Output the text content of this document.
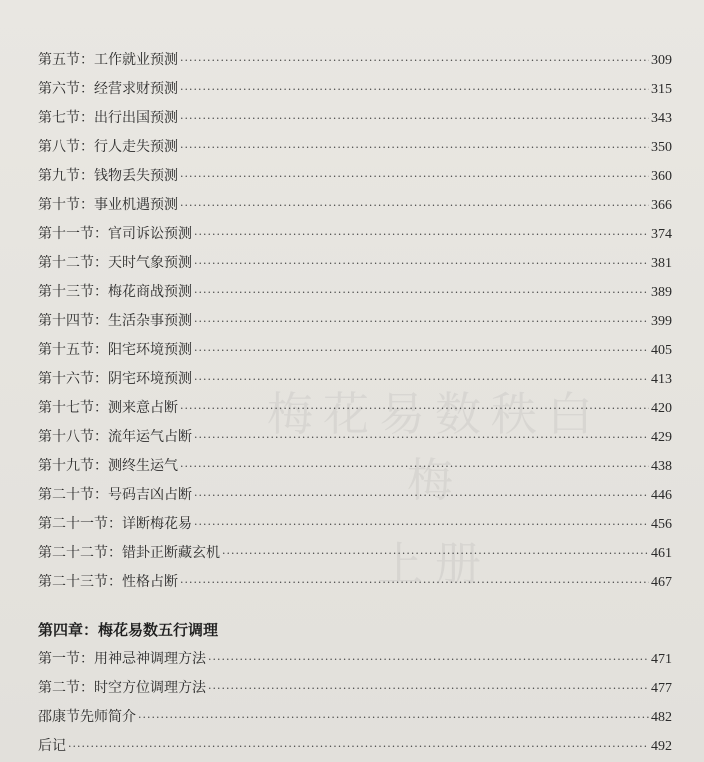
梅花易数秩白梅
上册
第五节：工作就业预测 ·····	309
第六节：经营求财预测 ·····	315
第七节：出行出国预测 ·····	343
第八节：行人走失预测 ·····	350
第九节：钱物丢失预测 ·····	360
第十节：事业机遇预测 ·····	366
第十一节：官司诉讼预测 ·····	374
第十二节：天时气象预测 ·····	381
第十三节：梅花商战预测 ·····	389
第十四节：生活杂事预测 ·····	399
第十五节：阳宅环境预测 ·····	405
第十六节：阴宅环境预测 ·····	413
第十七节：测来意占断 ·····	420
第十八节：流年运气占断 ·····	429
第十九节：测终生运气 ·····	438
第二十节：号码吉凶占断 ·····	446
第二十一节：详断梅花易 ·····	456
第二十二节：错卦正断藏玄机 ·····	461
第二十三节：性格占断 ·····	467
第四章：梅花易数五行调理
第一节：用神忌神调理方法 ·····	471
第二节：时空方位调理方法 ·····	477
邵康节先师简介 ·····	482
后记 ·····	492
